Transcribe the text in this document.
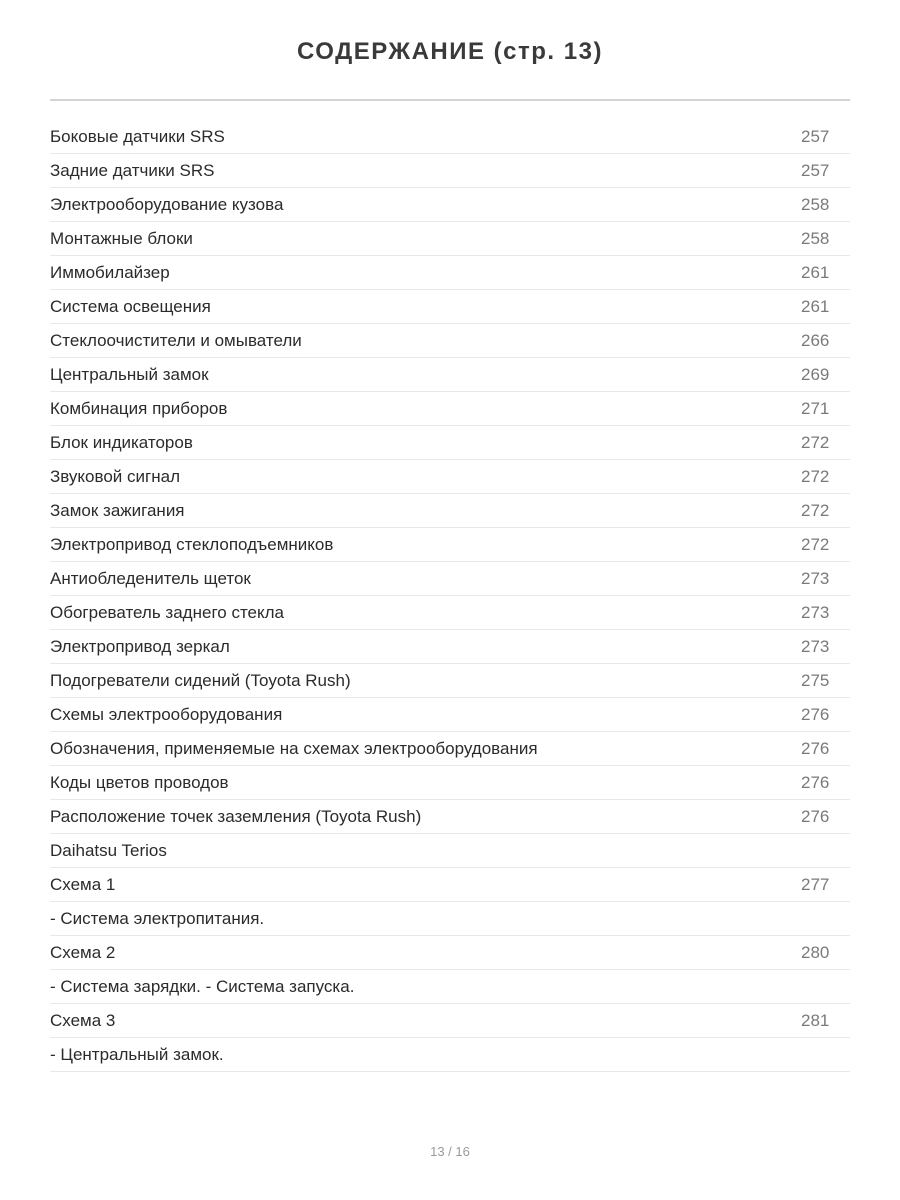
СОДЕРЖАНИЕ (стр. 13)
Боковые датчики SRS	257
Задние датчики SRS	257
Электрооборудование кузова	258
Монтажные блоки	258
Иммобилайзер	261
Система освещения	261
Стеклоочистители и омыватели	266
Центральный замок	269
Комбинация приборов	271
Блок индикаторов	272
Звуковой сигнал	272
Замок зажигания	272
Электропривод стеклоподъемников	272
Антиобледенитель щеток	273
Обогреватель заднего стекла	273
Электропривод зеркал	273
Подогреватели сидений (Toyota Rush)	275
Схемы электрооборудования	276
Обозначения, применяемые на схемах электрооборудования	276
Коды цветов проводов	276
Расположение точек заземления (Toyota Rush)	276
Daihatsu Terios
Схема 1	277
- Система электропитания.
Схема 2	280
- Система зарядки. - Система запуска.
Схема 3	281
- Центральный замок.
13 / 16
